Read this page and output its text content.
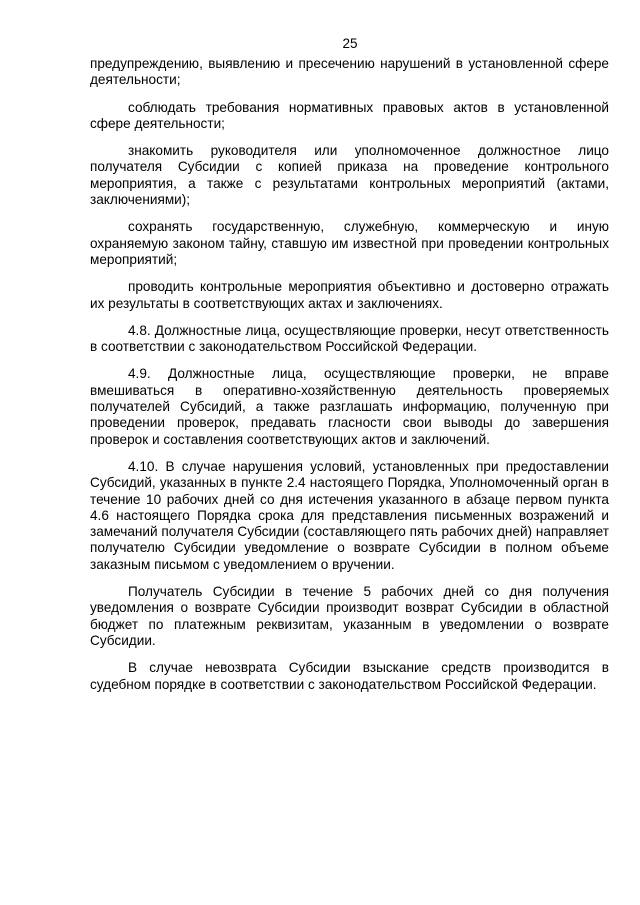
25

предупреждению, выявлению и пресечению нарушений в установленной сфере деятельности;

соблюдать требования нормативных правовых актов в установленной сфере деятельности;

знакомить руководителя или уполномоченное должностное лицо получателя Субсидии с копией приказа на проведение контрольного мероприятия, а также с результатами контрольных мероприятий (актами, заключениями);

сохранять государственную, служебную, коммерческую и иную охраняемую законом тайну, ставшую им известной при проведении контрольных мероприятий;

проводить контрольные мероприятия объективно и достоверно отражать их результаты в соответствующих актах и заключениях.

4.8. Должностные лица, осуществляющие проверки, несут ответственность в соответствии с законодательством Российской Федерации.

4.9. Должностные лица, осуществляющие проверки, не вправе вмешиваться в оперативно-хозяйственную деятельность проверяемых получателей Субсидий, а также разглашать информацию, полученную при проведении проверок, предавать гласности свои выводы до завершения проверок и составления соответствующих актов и заключений.

4.10. В случае нарушения условий, установленных при предоставлении Субсидий, указанных в пункте 2.4 настоящего Порядка, Уполномоченный орган в течение 10 рабочих дней со дня истечения указанного в абзаце первом пункта 4.6 настоящего Порядка срока для представления письменных возражений и замечаний получателя Субсидии (составляющего пять рабочих дней) направляет получателю Субсидии уведомление о возврате Субсидии в полном объеме заказным письмом с уведомлением о вручении.

Получатель Субсидии в течение 5 рабочих дней со дня получения уведомления о возврате Субсидии производит возврат Субсидии в областной бюджет по платежным реквизитам, указанным в уведомлении о возврате Субсидии.

В случае невозврата Субсидии взыскание средств производится в судебном порядке в соответствии с законодательством Российской Федерации.
